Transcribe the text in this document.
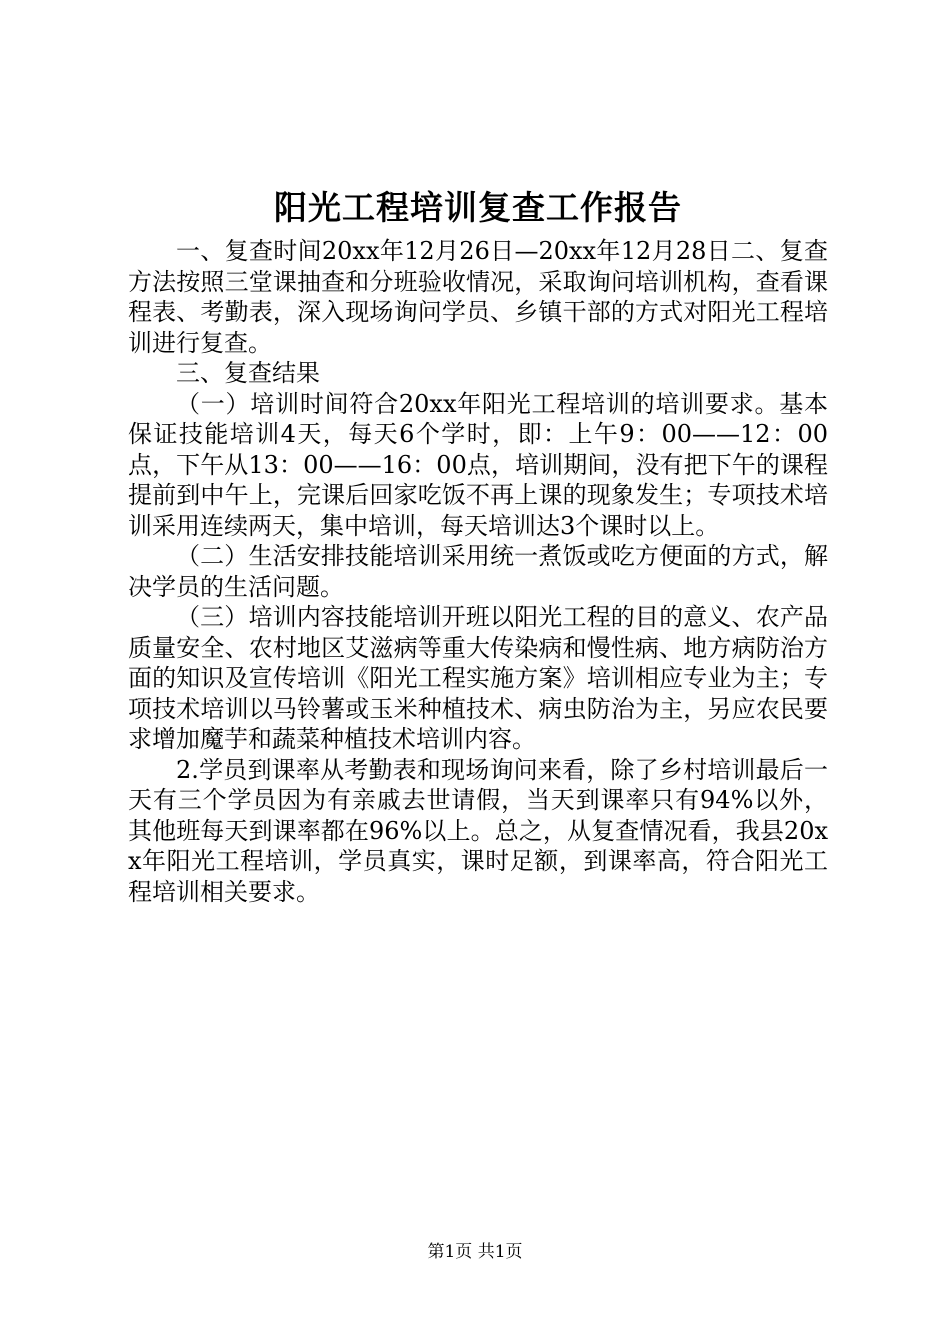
阳光工程培训复查工作报告

一、复查时间20xx年12月26日—20xx年12月28日二、复查方法按照三堂课抽查和分班验收情况，采取询问培训机构，查看课程表、考勤表，深入现场询问学员、乡镇干部的方式对阳光工程培训进行复查。

三、复查结果

（一）培训时间符合20xx年阳光工程培训的培训要求。基本保证技能培训4天，每天6个学时，即：上午9：00——12：00点，下午从13：00——16：00点，培训期间，没有把下午的课程提前到中午上，完课后回家吃饭不再上课的现象发生；专项技术培训采用连续两天，集中培训，每天培训达3个课时以上。

（二）生活安排技能培训采用统一煮饭或吃方便面的方式，解决学员的生活问题。

（三）培训内容技能培训开班以阳光工程的目的意义、农产品质量安全、农村地区艾滋病等重大传染病和慢性病、地方病防治方面的知识及宣传培训《阳光工程实施方案》培训相应专业为主；专项技术培训以马铃薯或玉米种植技术、病虫防治为主，另应农民要求增加魔芋和蔬菜种植技术培训内容。

2.学员到课率从考勤表和现场询问来看，除了乡村培训最后一天有三个学员因为有亲戚去世请假，当天到课率只有94%以外，其他班每天到课率都在96%以上。总之，从复查情况看，我县20xx年阳光工程培训，学员真实，课时足额，到课率高，符合阳光工程培训相关要求。

第1页 共1页
